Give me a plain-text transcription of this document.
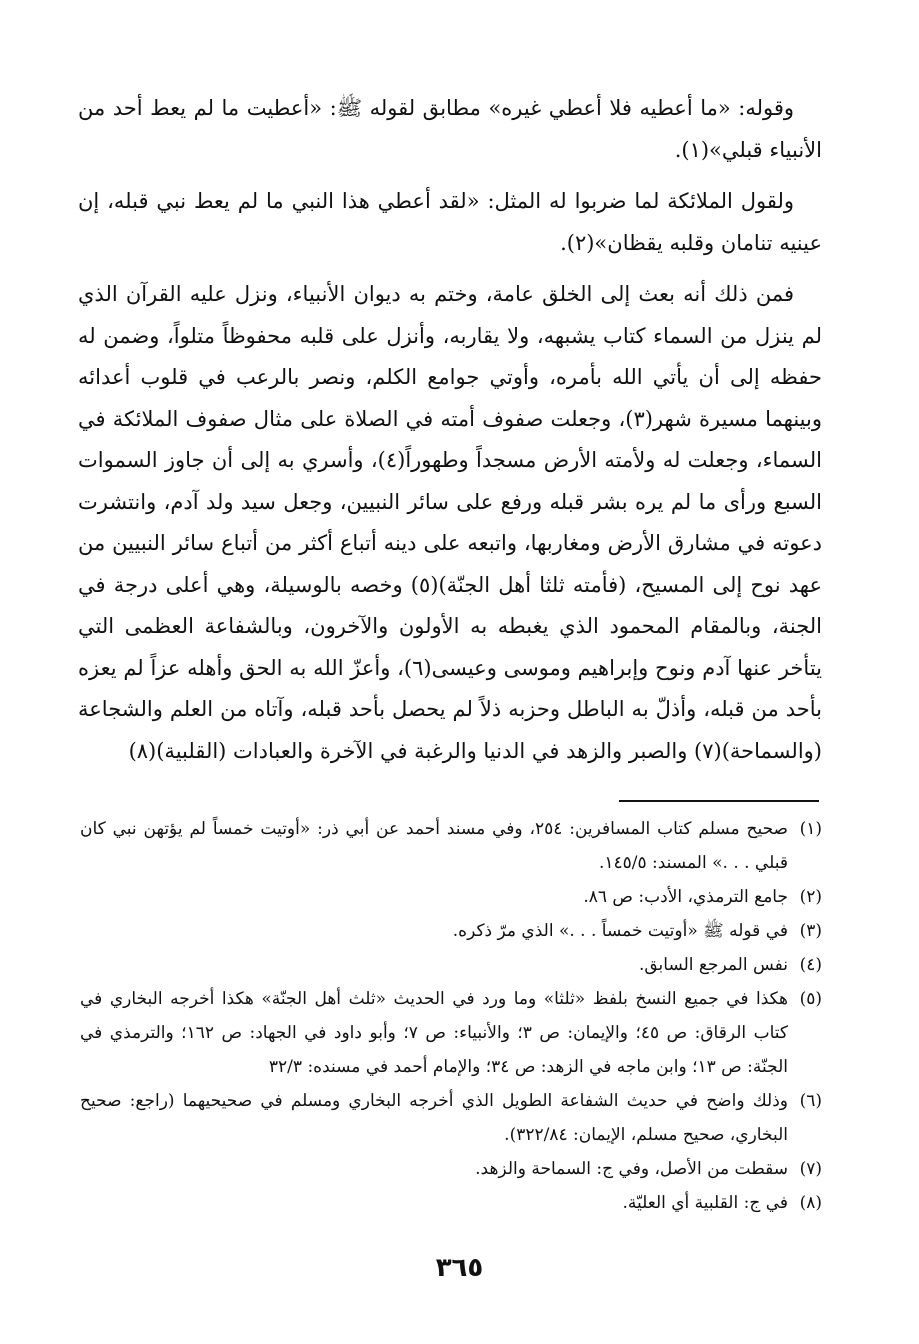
وقوله: «ما أعطيه فلا أعطي غيره» مطابق لقوله ﷺ: «أعطيت ما لم يعط أحد من الأنبياء قبلي»(١).

ولقول الملائكة لما ضربوا له المثل: «لقد أعطي هذا النبي ما لم يعط نبي قبله، إن عينيه تنامان وقلبه يقظان»(٢).

فمن ذلك أنه بعث إلى الخلق عامة، وختم به ديوان الأنبياء، ونزل عليه القرآن الذي لم ينزل من السماء كتاب يشبهه، ولا يقاربه، وأنزل على قلبه محفوظاً متلواً، وضمن له حفظه إلى أن يأتي الله بأمره، وأوتي جوامع الكلم، ونصر بالرعب في قلوب أعدائه وبينهما مسيرة شهر(٣)، وجعلت صفوف أمته في الصلاة على مثال صفوف الملائكة في السماء، وجعلت له ولأمته الأرض مسجداً وطهوراً(٤)، وأسري به إلى أن جاوز السموات السبع ورأى ما لم يره بشر قبله ورفع على سائر النبيين، وجعل سيد ولد آدم، وانتشرت دعوته في مشارق الأرض ومغاربها، واتبعه على دينه أتباع أكثر من أتباع سائر النبيين من عهد نوح إلى المسيح، (فأمته ثلثا أهل الجنّة)(٥) وخصه بالوسيلة، وهي أعلى درجة في الجنة، وبالمقام المحمود الذي يغبطه به الأولون والآخرون، وبالشفاعة العظمى التي يتأخر عنها آدم ونوح وإبراهيم وموسى وعيسى(٦)، وأعزّ الله به الحق وأهله عزاً لم يعزه بأحد من قبله، وأذلّ به الباطل وحزبه ذلاً لم يحصل بأحد قبله، وآتاه من العلم والشجاعة (والسماحة)(٧) والصبر والزهد في الدنيا والرغبة في الآخرة والعبادات (القلبية)(٨)

(١)
صحيح مسلم كتاب المسافرين: ٢٥٤، وفي مسند أحمد عن أبي ذر: «أوتيت خمساً لم يؤتهن نبي كان قبلي . . .» المسند: ١٤٥/٥.
(٢)
جامع الترمذي، الأدب: ص ٨٦.
(٣)
في قوله ﷺ «أوتيت خمساً . . .» الذي مرّ ذكره.
(٤)
نفس المرجع السابق.
(٥)
هكذا في جميع النسخ بلفظ «ثلثا» وما ورد في الحديث «ثلث أهل الجنّة» هكذا أخرجه البخاري في كتاب الرقاق: ص ٤٥؛ والإيمان: ص ٣؛ والأنبياء: ص ٧؛ وأبو داود في الجهاد: ص ١٦٢؛ والترمذي في الجنّة: ص ١٣؛ وابن ماجه في الزهد: ص ٣٤؛ والإمام أحمد في مسنده: ٣٢/٣
(٦)
وذلك واضح في حديث الشفاعة الطويل الذي أخرجه البخاري ومسلم في صحيحيهما (راجع: صحيح البخاري، صحيح مسلم، الإيمان: ٣٢٢/٨٤).
(٧)
سقطت من الأصل، وفي ج: السماحة والزهد.
(٨)
في ج: القلبية أي العليّة.
٣٦٥
